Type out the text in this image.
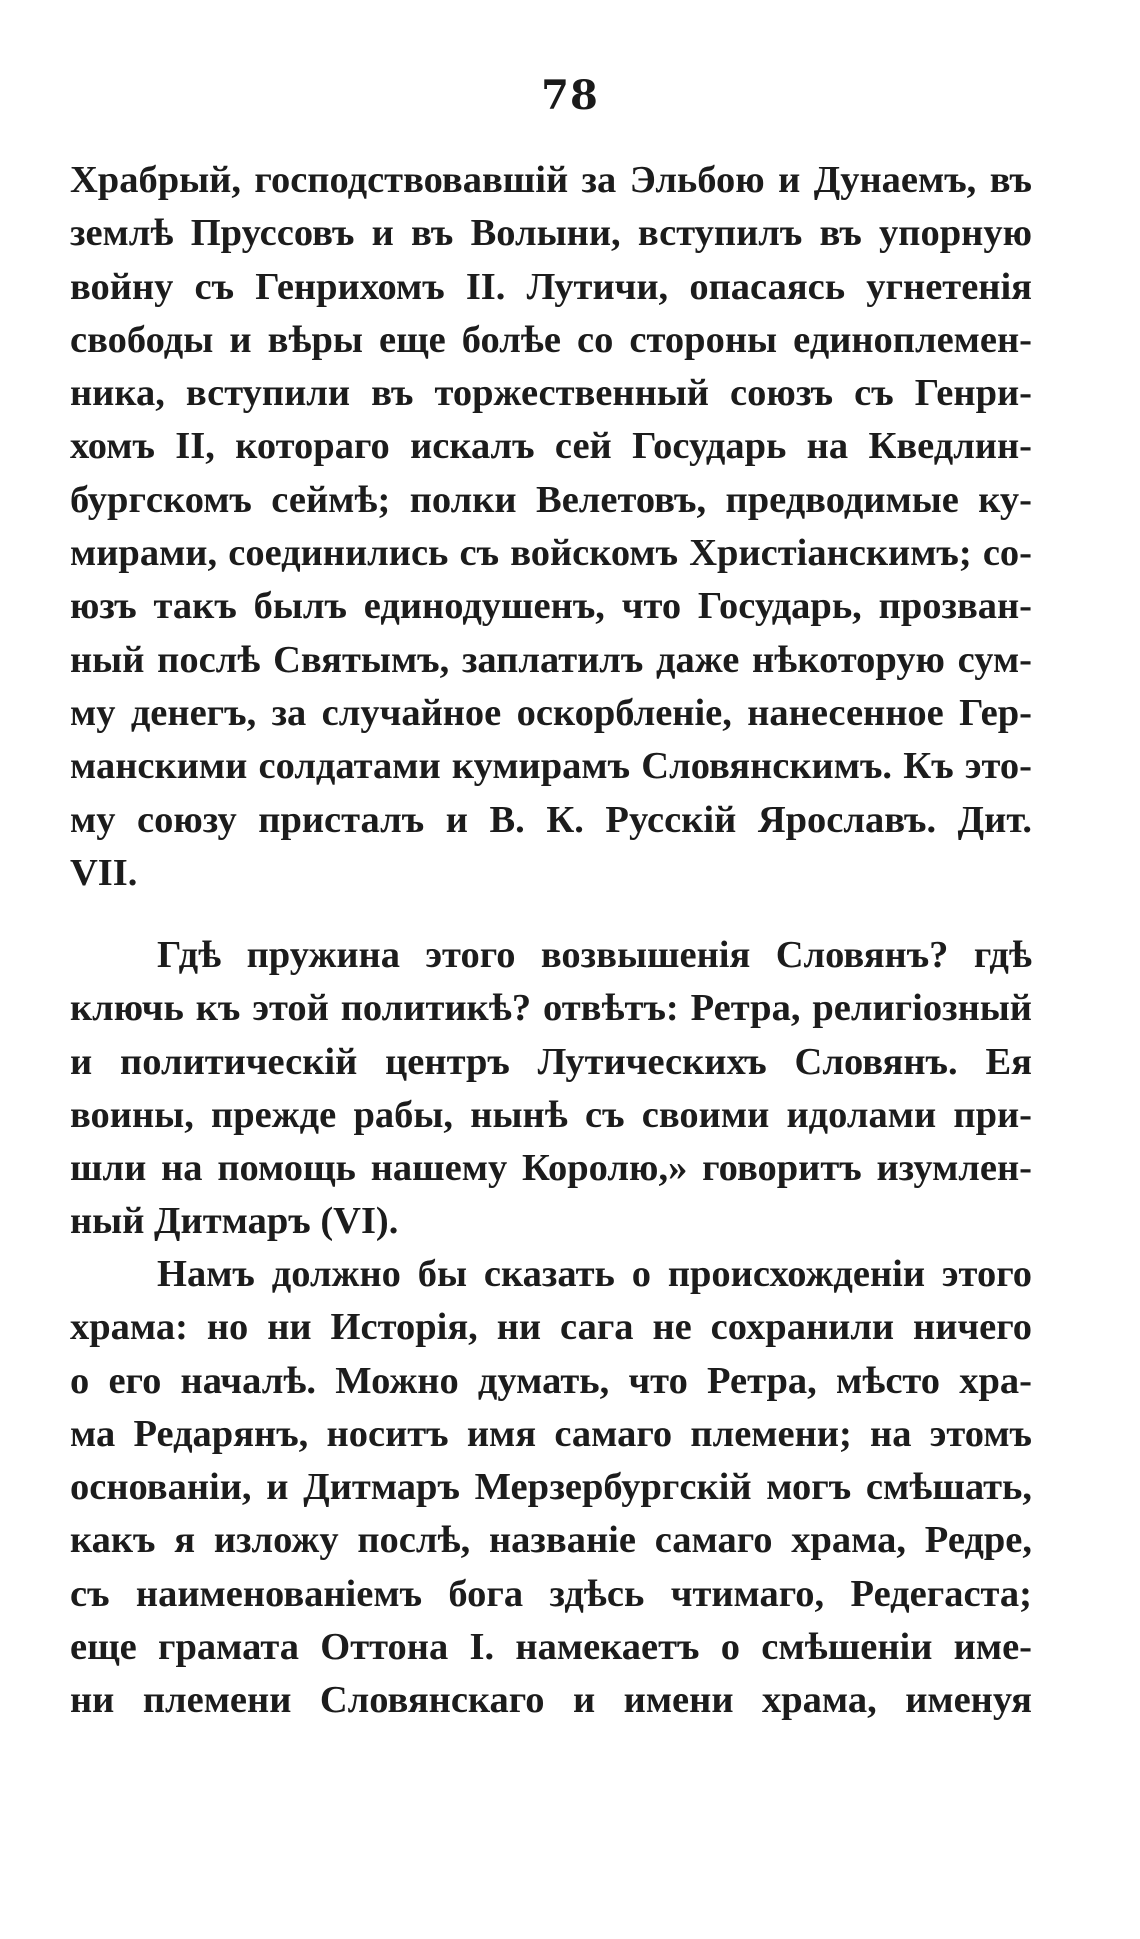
78
Храбрый, господствовавшій за Эльбою и Дунаемъ, въ
землѣ Пруссовъ и въ Волыни, вступилъ въ упорную
войну съ Генрихомъ II. Лутичи, опасаясь угнетенія
свободы и вѣры еще болѣе со стороны единоплемен-
ника, вступили въ торжественный союзъ съ Генри-
хомъ II, котораго искалъ сей Государь на Кведлин-
бургскомъ сеймѣ; полки Велетовъ, предводимые ку-
мирами, соединились съ войскомъ Христіанскимъ; со-
юзъ такъ былъ единодушенъ, что Государь, прозван-
ный послѣ Святымъ, заплатилъ даже нѣкоторую сум-
му денегъ, за случайное оскорбленіе, нанесенное Гер-
манскими солдатами кумирамъ Словянскимъ. Къ это-
му союзу присталъ и В. К. Русскій Ярославъ. Дит.
VII.
Гдѣ пружина этого возвышенія Словянъ? гдѣ
ключь къ этой политикѣ? отвѣтъ: Ретра, религіозный
и политическій центръ Лутическихъ Словянъ. Ея
воины, прежде рабы, нынѣ съ своими идолами при-
шли на помощь нашему Королю,» говоритъ изумлен-
ный Дитмаръ (VI).
Намъ должно бы сказать о происхожденіи этого
храма: но ни Исторія, ни сага не сохранили ничего
о его началѣ. Можно думать, что Ретра, мѣсто хра-
ма Редарянъ, носитъ имя самаго племени; на этомъ
основаніи, и Дитмаръ Мерзербургскій могъ смѣшать,
какъ я изложу послѣ, названіе самаго храма, Редре,
съ наименованіемъ бога здѣсь чтимаго, Редегаста;
еще грамата Оттона I. намекаетъ о смѣшеніи име-
ни племени Словянскаго и имени храма, именуя
